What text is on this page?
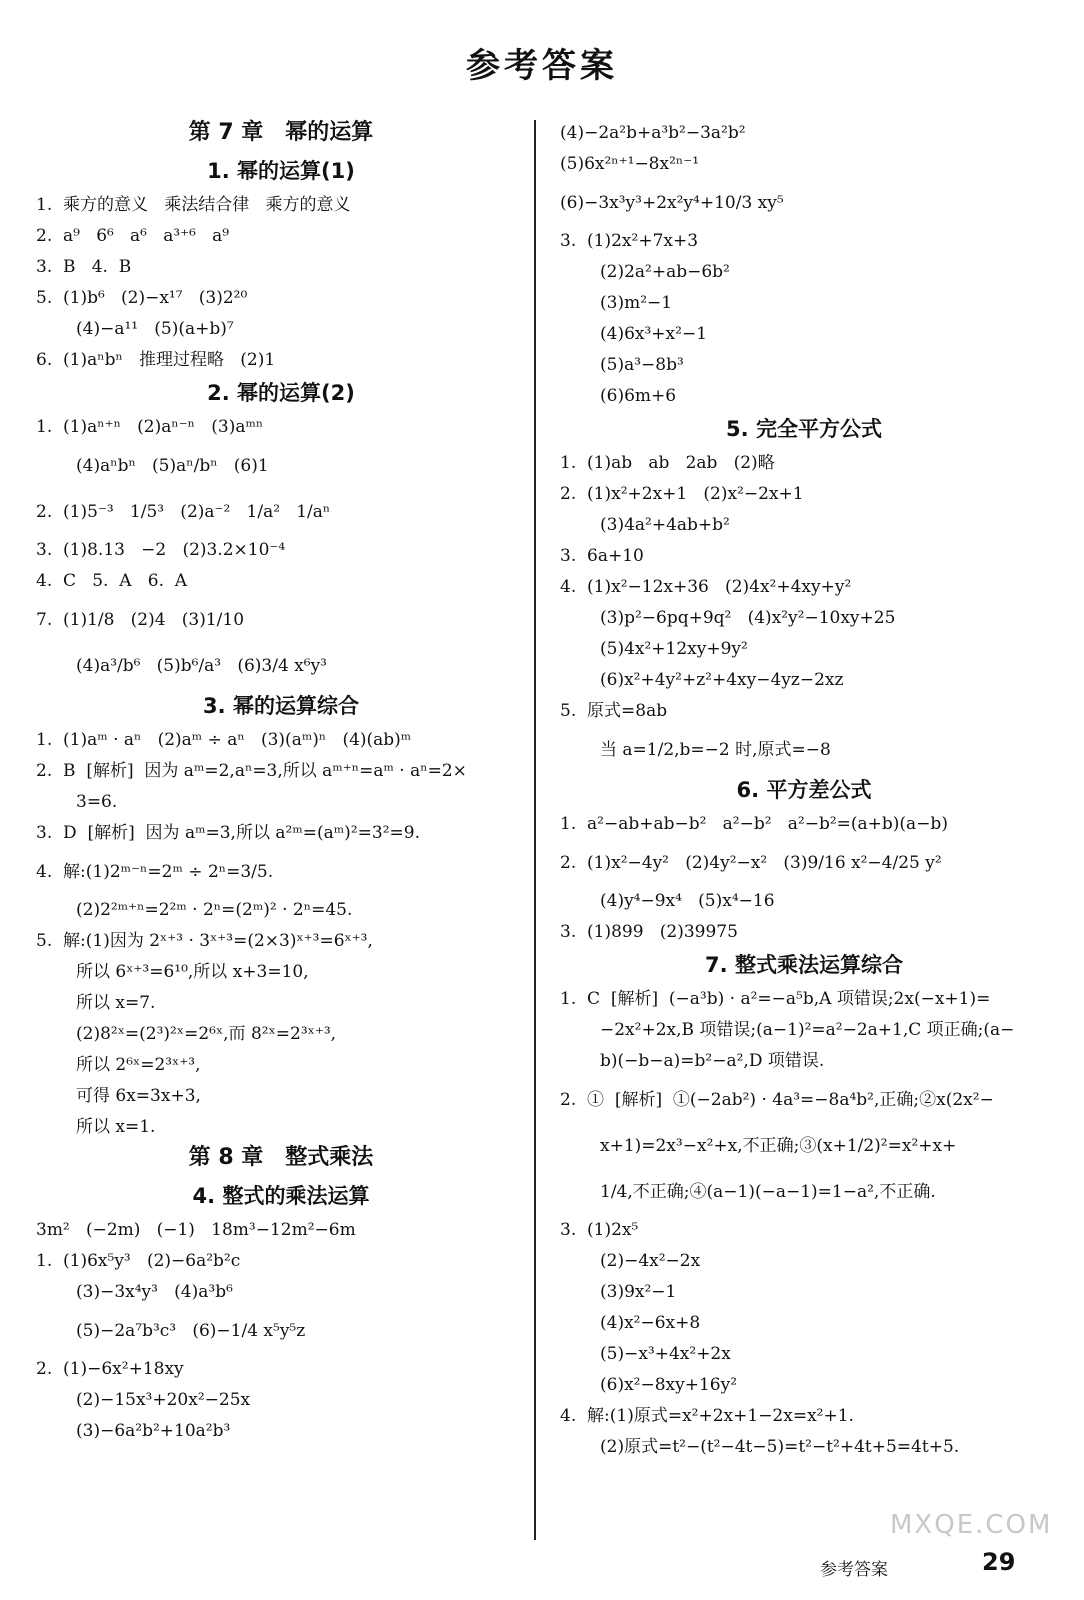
参考答案
第 7 章　幂的运算
1. 幂的运算(1)
1.  乘方的意义   乘法结合律   乘方的意义
2.  a⁹   6⁶   a⁶   a³⁺⁶   a⁹
3.  B   4.  B
5.  (1)b⁶   (2)−x¹⁷   (3)2²⁰
(4)−a¹¹   (5)(a+b)⁷
6.  (1)aⁿbⁿ   推理过程略   (2)1
2. 幂的运算(2)
1.  (1)aⁿ⁺ⁿ   (2)aⁿ⁻ⁿ   (3)aᵐⁿ
(4)aⁿbⁿ   (5)aⁿ/bⁿ   (6)1
2.  (1)5⁻³   1/5³   (2)a⁻²   1/a²   1/aⁿ
3.  (1)8.13   −2   (2)3.2×10⁻⁴
4.  C   5.  A   6.  A
7.  (1)1/8   (2)4   (3)1/10
(4)a³/b⁶   (5)b⁶/a³   (6)3/4 x⁶y³
3. 幂的运算综合
1.  (1)aᵐ · aⁿ   (2)aᵐ ÷ aⁿ   (3)(aᵐ)ⁿ   (4)(ab)ᵐ
2.  B  [解析]  因为 aᵐ=2,aⁿ=3,所以 aᵐ⁺ⁿ=aᵐ · aⁿ=2×
3=6.
3.  D  [解析]  因为 aᵐ=3,所以 a²ᵐ=(aᵐ)²=3²=9.
4.  解:(1)2ᵐ⁻ⁿ=2ᵐ ÷ 2ⁿ=3/5.
(2)2²ᵐ⁺ⁿ=2²ᵐ · 2ⁿ=(2ᵐ)² · 2ⁿ=45.
5.  解:(1)因为 2ˣ⁺³ · 3ˣ⁺³=(2×3)ˣ⁺³=6ˣ⁺³,
所以 6ˣ⁺³=6¹⁰,所以 x+3=10,
所以 x=7.
(2)8²ˣ=(2³)²ˣ=2⁶ˣ,而 8²ˣ=2³ˣ⁺³,
所以 2⁶ˣ=2³ˣ⁺³,
可得 6x=3x+3,
所以 x=1.
第 8 章　整式乘法
4. 整式的乘法运算
3m²   (−2m)   (−1)   18m³−12m²−6m
1.  (1)6x⁵y³   (2)−6a²b²c
(3)−3x⁴y³   (4)a³b⁶
(5)−2a⁷b³c³   (6)−1/4 x⁵y⁵z
2.  (1)−6x²+18xy
(2)−15x³+20x²−25x
(3)−6a²b²+10a²b³
(4)−2a²b+a³b²−3a²b²
(5)6x²ⁿ⁺¹−8x²ⁿ⁻¹
(6)−3x³y³+2x²y⁴+10/3 xy⁵
3.  (1)2x²+7x+3
(2)2a²+ab−6b²
(3)m²−1
(4)6x³+x²−1
(5)a³−8b³
(6)6m+6
5. 完全平方公式
1.  (1)ab   ab   2ab   (2)略
2.  (1)x²+2x+1   (2)x²−2x+1
(3)4a²+4ab+b²
3.  6a+10
4.  (1)x²−12x+36   (2)4x²+4xy+y²
(3)p²−6pq+9q²   (4)x²y²−10xy+25
(5)4x²+12xy+9y²
(6)x²+4y²+z²+4xy−4yz−2xz
5.  原式=8ab
当 a=1/2,b=−2 时,原式=−8
6. 平方差公式
1.  a²−ab+ab−b²   a²−b²   a²−b²=(a+b)(a−b)
2.  (1)x²−4y²   (2)4y²−x²   (3)9/16 x²−4/25 y²
(4)y⁴−9x⁴   (5)x⁴−16
3.  (1)899   (2)39975
7. 整式乘法运算综合
1.  C  [解析]  (−a³b) · a²=−a⁵b,A 项错误;2x(−x+1)=
−2x²+2x,B 项错误;(a−1)²=a²−2a+1,C 项正确;(a−
b)(−b−a)=b²−a²,D 项错误.
2.  ①  [解析]  ①(−2ab²) · 4a³=−8a⁴b²,正确;②x(2x²−
x+1)=2x³−x²+x,不正确;③(x+1/2)²=x²+x+
1/4,不正确;④(a−1)(−a−1)=1−a²,不正确.
3.  (1)2x⁵
(2)−4x²−2x
(3)9x²−1
(4)x²−6x+8
(5)−x³+4x²+2x
(6)x²−8xy+16y²
4.  解:(1)原式=x²+2x+1−2x=x²+1.
(2)原式=t²−(t²−4t−5)=t²−t²+4t+5=4t+5.
MXQE.COM
参考答案	29
